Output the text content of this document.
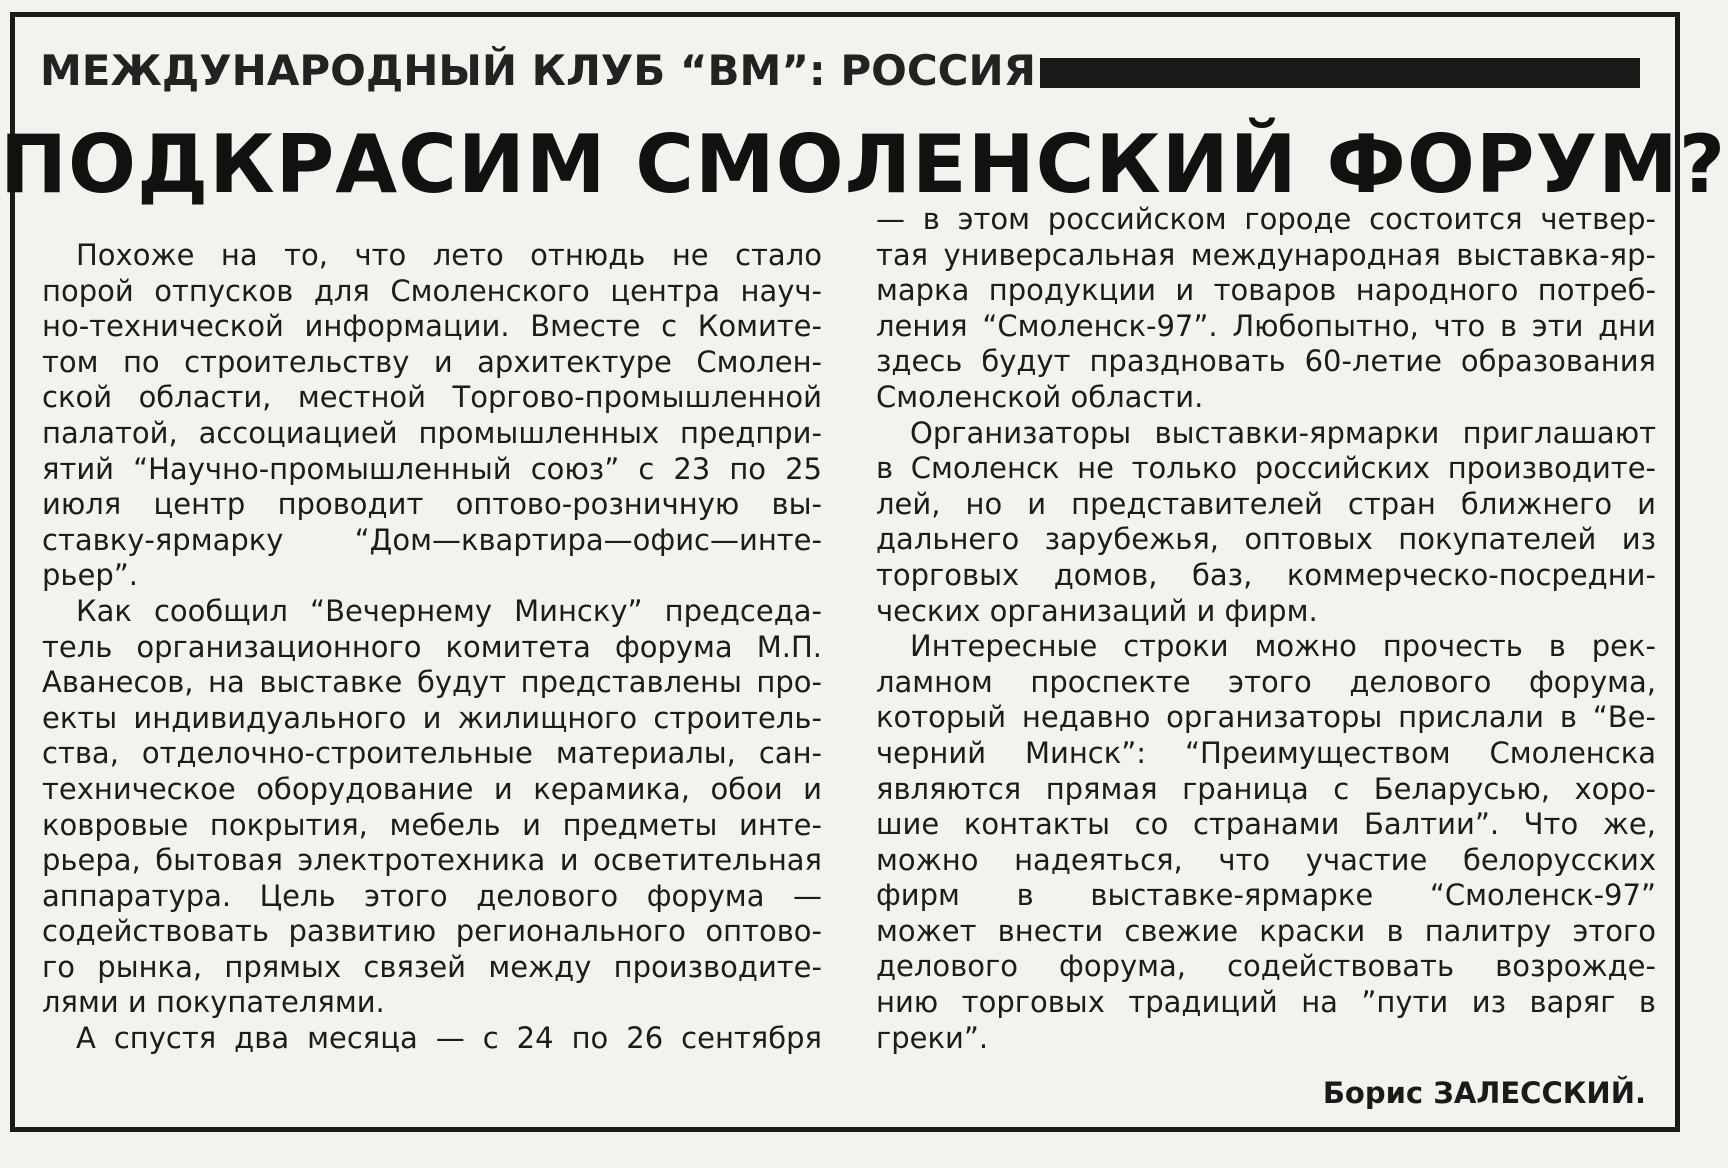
МЕЖДУНАРОДНЫЙ КЛУБ “ВМ”: РОССИЯ
ПОДКРАСИМ СМОЛЕНСКИЙ ФОРУМ?
Похоже на то, что лето отнюдь не стало
порой отпусков для Смоленского центра науч-
но-технической информации. Вместе с Комите-
том по строительству и архитектуре Смолен-
ской области, местной Торгово-промышленной
палатой, ассоциацией промышленных предпри-
ятий “Научно-промышленный союз” с 23 по 25
июля центр проводит оптово-розничную вы-
ставку-ярмарку “Дом—квартира—офис—инте-
рьер”.
Как сообщил “Вечернему Минску” председа-
тель организационного комитета форума М.П.
Аванесов, на выставке будут представлены про-
екты индивидуального и жилищного строитель-
ства, отделочно-строительные материалы, сан-
техническое оборудование и керамика, обои и
ковровые покрытия, мебель и предметы инте-
рьера, бытовая электротехника и осветительная
аппаратура. Цель этого делового форума —
содействовать развитию регионального оптово-
го рынка, прямых связей между производите-
лями и покупателями.
А спустя два месяца — с 24 по 26 сентября
— в этом российском городе состоится четвер-
тая универсальная международная выставка-яр-
марка продукции и товаров народного потреб-
ления “Смоленск-97”. Любопытно, что в эти дни
здесь будут праздновать 60-летие образования
Смоленской области.
Организаторы выставки-ярмарки приглашают
в Смоленск не только российских производите-
лей, но и представителей стран ближнего и
дальнего зарубежья, оптовых покупателей из
торговых домов, баз, коммерческо-посредни-
ческих организаций и фирм.
Интересные строки можно прочесть в рек-
ламном проспекте этого делового форума,
который недавно организаторы прислали в “Ве-
черний Минск”: “Преимуществом Смоленска
являются прямая граница с Беларусью, хоро-
шие контакты со странами Балтии”. Что же,
можно надеяться, что участие белорусских
фирм в выставке-ярмарке “Смоленск-97”
может внести свежие краски в палитру этого
делового форума, содействовать возрожде-
нию торговых традиций на ”пути из варяг в
греки”.
Борис ЗАЛЕССКИЙ.
